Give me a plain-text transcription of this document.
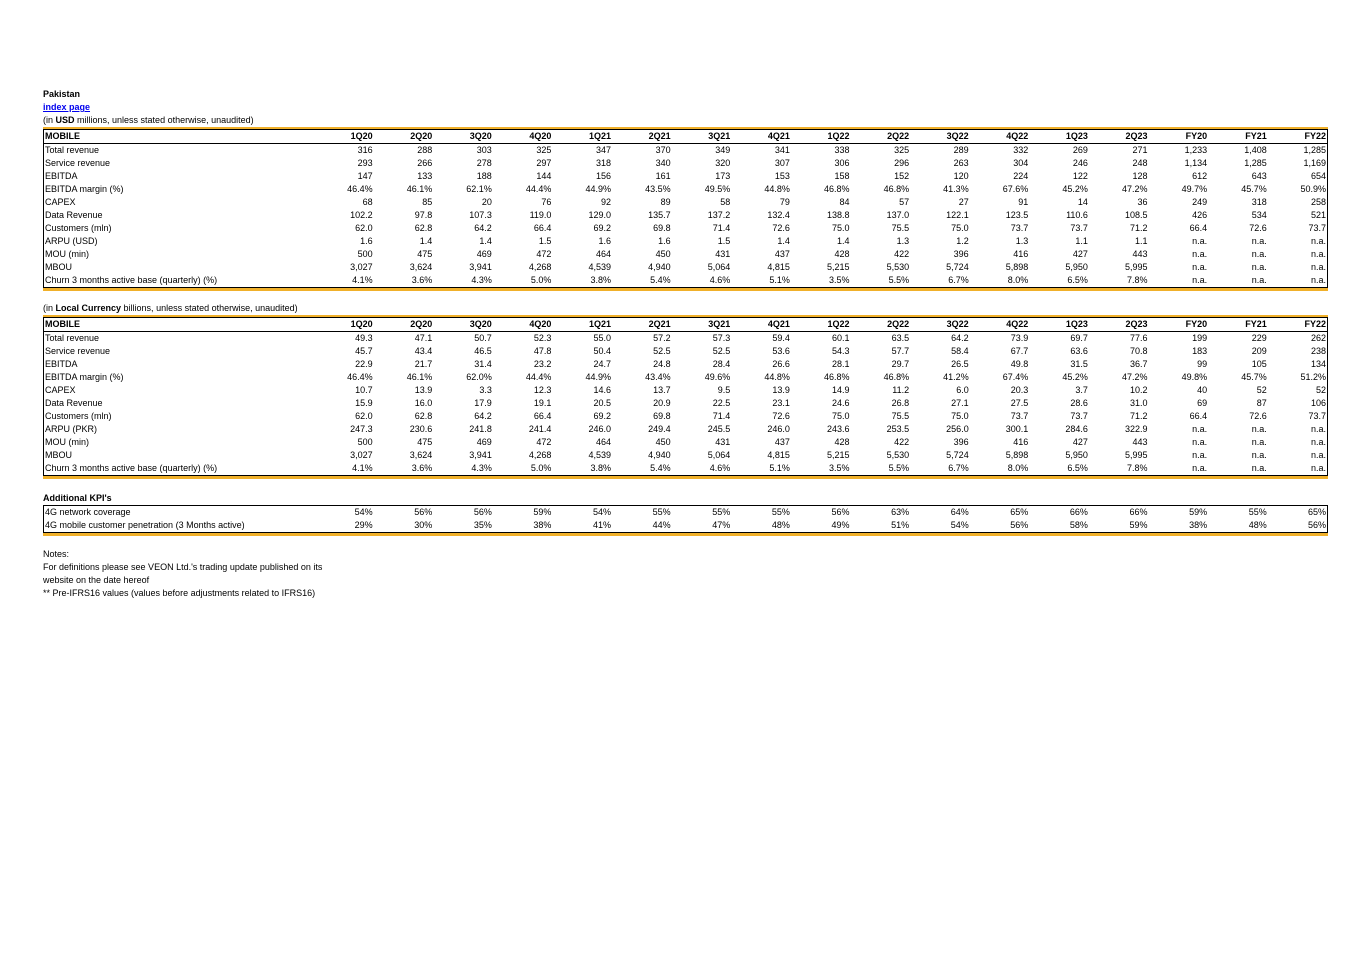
Pakistan
index page
(in USD millions, unless stated otherwise, unaudited)
MOBILE	1Q20	2Q20	3Q20	4Q20	1Q21	2Q21	3Q21	4Q21	1Q22	2Q22	3Q22	4Q22	1Q23	2Q23	FY20	FY21	FY22
Total revenue	316	288	303	325	347	370	349	341	338	325	289	332	269	271	1,233	1,408	1,285
Service revenue	293	266	278	297	318	340	320	307	306	296	263	304	246	248	1,134	1,285	1,169
EBITDA	147	133	188	144	156	161	173	153	158	152	120	224	122	128	612	643	654
EBITDA margin (%)	46.4%	46.1%	62.1%	44.4%	44.9%	43.5%	49.5%	44.8%	46.8%	46.8%	41.3%	67.6%	45.2%	47.2%	49.7%	45.7%	50.9%
CAPEX	68	85	20	76	92	89	58	79	84	57	27	91	14	36	249	318	258
Data Revenue	102.2	97.8	107.3	119.0	129.0	135.7	137.2	132.4	138.8	137.0	122.1	123.5	110.6	108.5	426	534	521
Customers (mln)	62.0	62.8	64.2	66.4	69.2	69.8	71.4	72.6	75.0	75.5	75.0	73.7	73.7	71.2	66.4	72.6	73.7
ARPU (USD)	1.6	1.4	1.4	1.5	1.6	1.6	1.5	1.4	1.4	1.3	1.2	1.3	1.1	1.1	n.a.	n.a.	n.a.
MOU (min)	500	475	469	472	464	450	431	437	428	422	396	416	427	443	n.a.	n.a.	n.a.
MBOU	3,027	3,624	3,941	4,268	4,539	4,940	5,064	4,815	5,215	5,530	5,724	5,898	5,950	5,995	n.a.	n.a.	n.a.
Churn 3 months active base (quarterly) (%)	4.1%	3.6%	4.3%	5.0%	3.8%	5.4%	4.6%	5.1%	3.5%	5.5%	6.7%	8.0%	6.5%	7.8%	n.a.	n.a.	n.a.
(in Local Currency billions, unless stated otherwise, unaudited)
MOBILE	1Q20	2Q20	3Q20	4Q20	1Q21	2Q21	3Q21	4Q21	1Q22	2Q22	3Q22	4Q22	1Q23	2Q23	FY20	FY21	FY22
Total revenue	49.3	47.1	50.7	52.3	55.0	57.2	57.3	59.4	60.1	63.5	64.2	73.9	69.7	77.6	199	229	262
Service revenue	45.7	43.4	46.5	47.8	50.4	52.5	52.5	53.6	54.3	57.7	58.4	67.7	63.6	70.8	183	209	238
EBITDA	22.9	21.7	31.4	23.2	24.7	24.8	28.4	26.6	28.1	29.7	26.5	49.8	31.5	36.7	99	105	134
EBITDA margin (%)	46.4%	46.1%	62.0%	44.4%	44.9%	43.4%	49.6%	44.8%	46.8%	46.8%	41.2%	67.4%	45.2%	47.2%	49.8%	45.7%	51.2%
CAPEX	10.7	13.9	3.3	12.3	14.6	13.7	9.5	13.9	14.9	11.2	6.0	20.3	3.7	10.2	40	52	52
Data Revenue	15.9	16.0	17.9	19.1	20.5	20.9	22.5	23.1	24.6	26.8	27.1	27.5	28.6	31.0	69	87	106
Customers (mln)	62.0	62.8	64.2	66.4	69.2	69.8	71.4	72.6	75.0	75.5	75.0	73.7	73.7	71.2	66.4	72.6	73.7
ARPU (PKR)	247.3	230.6	241.8	241.4	246.0	249.4	245.5	246.0	243.6	253.5	256.0	300.1	284.6	322.9	n.a.	n.a.	n.a.
MOU (min)	500	475	469	472	464	450	431	437	428	422	396	416	427	443	n.a.	n.a.	n.a.
MBOU	3,027	3,624	3,941	4,268	4,539	4,940	5,064	4,815	5,215	5,530	5,724	5,898	5,950	5,995	n.a.	n.a.	n.a.
Churn 3 months active base (quarterly) (%)	4.1%	3.6%	4.3%	5.0%	3.8%	5.4%	4.6%	5.1%	3.5%	5.5%	6.7%	8.0%	6.5%	7.8%	n.a.	n.a.	n.a.
Additional KPI's
4G network coverage	54%	56%	56%	59%	54%	55%	55%	55%	56%	63%	64%	65%	66%	66%	59%	55%	65%
4G mobile customer penetration (3 Months active)	29%	30%	35%	38%	41%	44%	47%	48%	49%	51%	54%	56%	58%	59%	38%	48%	56%
Notes:
For definitions please see VEON Ltd.'s trading update published on its
website on the date hereof
** Pre-IFRS16 values (values before adjustments related to IFRS16)
